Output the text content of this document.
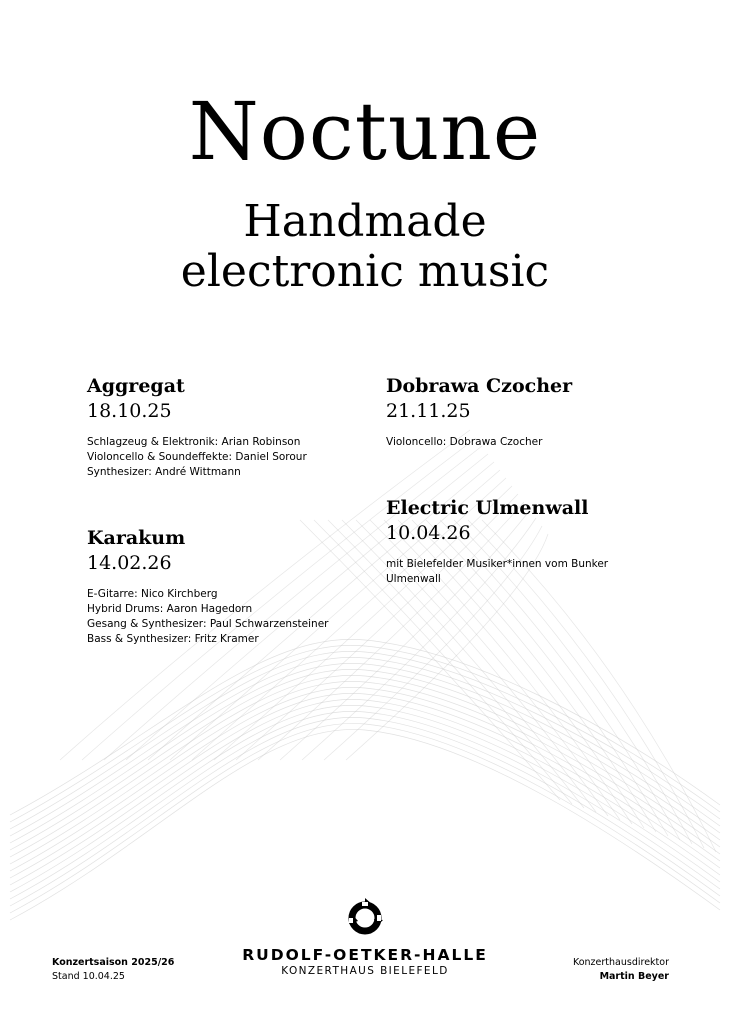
Noctune
Handmade
electronic music
Aggregat
18.10.25
Schlagzeug & Elektronik: Arian Robinson
Violoncello & Soundeffekte: Daniel Sorour
Synthesizer: André Wittmann
Dobrawa Czocher
21.11.25
Violoncello: Dobrawa Czocher
Karakum
14.02.26
E-Gitarre: Nico Kirchberg
Hybrid Drums: Aaron Hagedorn
Gesang & Synthesizer: Paul Schwarzensteiner
Bass & Synthesizer: Fritz Kramer
Electric Ulmenwall
10.04.26
mit Bielefelder Musiker*innen vom Bunker Ulmenwall
Konzertsaison 2025/26
Stand 10.04.25
RUDOLF-OETKER-HALLE
KONZERTHAUS BIELEFELD
Konzerthausdirektor
Martin Beyer
